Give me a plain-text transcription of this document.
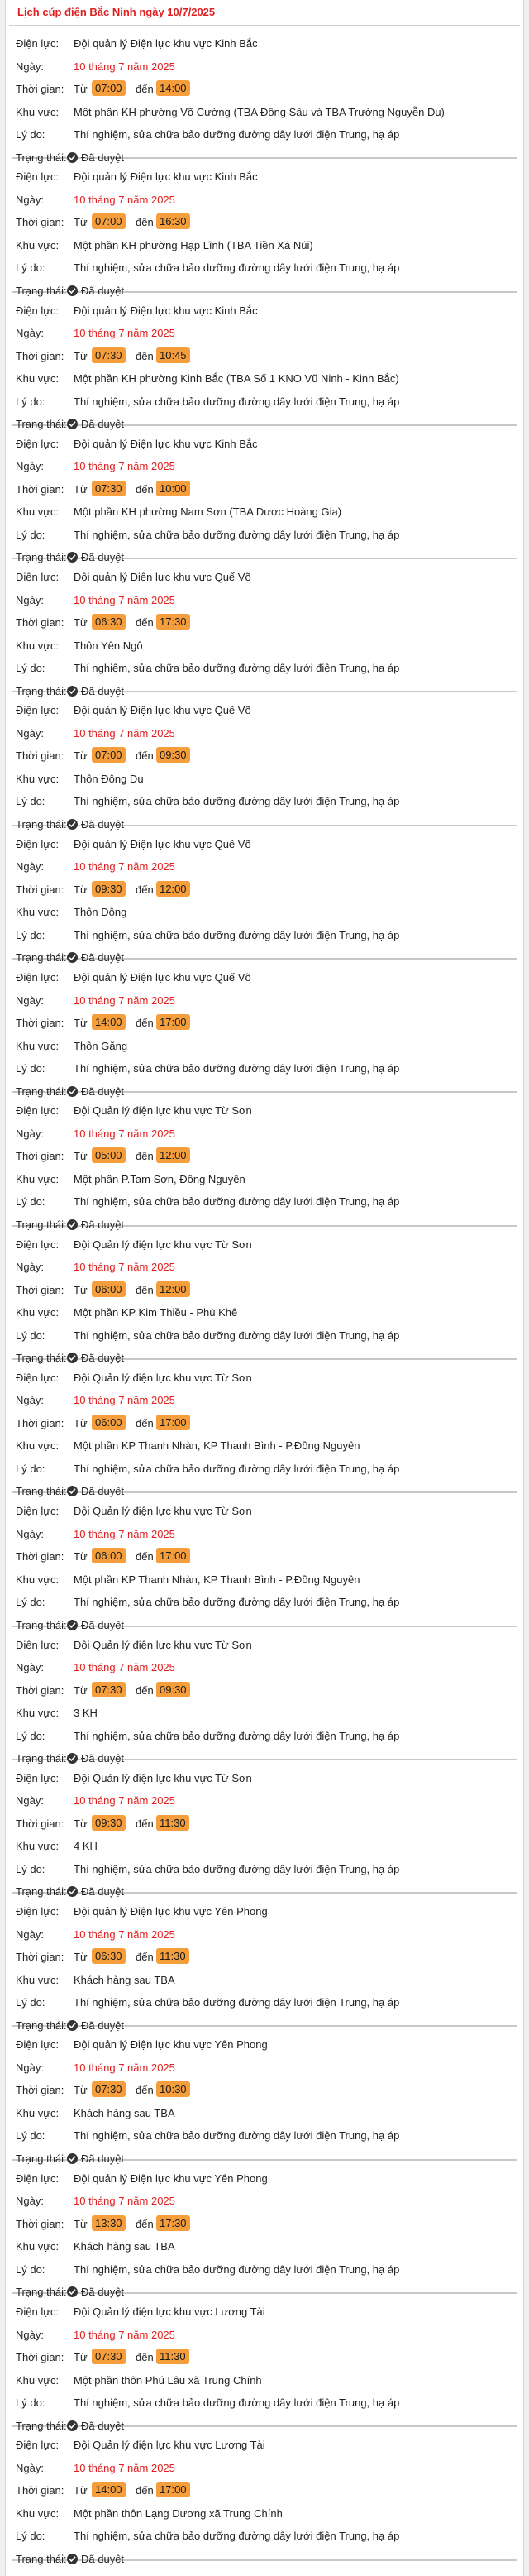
Lịch cúp điện Bắc Ninh ngày 10/7/2025
Điện lực: Đội quản lý Điện lực khu vực Kinh Bắc
Ngày:	10 tháng 7 năm 2025
Thời gian: Từ 07:00	đến 14:00
Khu vực: Một phần KH phường Võ Cường (TBA Đồng Sậu và TBA Trường Nguyễn Du)
Lý do:	Thí nghiệm, sửa chữa bảo dưỡng đường dây lưới điện Trung, hạ áp
Trạng thái: Đã duyệt
Điện lực: Đội quản lý Điện lực khu vực Kinh Bắc
Ngày:	10 tháng 7 năm 2025
Thời gian: Từ 07:00	đến 16:30
Khu vực: Một phần KH phường Hạp Lĩnh (TBA Tiền Xá Núi)
Lý do:	Thí nghiệm, sửa chữa bảo dưỡng đường dây lưới điện Trung, hạ áp
Trạng thái: Đã duyệt
Điện lực: Đội quản lý Điện lực khu vực Kinh Bắc
Ngày:	10 tháng 7 năm 2025
Thời gian: Từ 07:30	đến 10:45
Khu vực: Một phần KH phường Kinh Bắc (TBA Số 1 KNO Vũ Ninh - Kinh Bắc)
Lý do:	Thí nghiệm, sửa chữa bảo dưỡng đường dây lưới điện Trung, hạ áp
Trạng thái: Đã duyệt
Điện lực: Đội quản lý Điện lực khu vực Kinh Bắc
Ngày:	10 tháng 7 năm 2025
Thời gian: Từ 07:30	đến 10:00
Khu vực: Một phần KH phường Nam Sơn (TBA Dược Hoàng Gia)
Lý do:	Thí nghiệm, sửa chữa bảo dưỡng đường dây lưới điện Trung, hạ áp
Trạng thái: Đã duyệt
Điện lực: Đội quản lý Điện lực khu vực Quế Võ
Ngày:	10 tháng 7 năm 2025
Thời gian: Từ 06:30	đến 17:30
Khu vực: Thôn Yên Ngô
Lý do:	Thí nghiệm, sửa chữa bảo dưỡng đường dây lưới điện Trung, hạ áp
Trạng thái: Đã duyệt
Điện lực: Đội quản lý Điện lực khu vực Quế Võ
Ngày:	10 tháng 7 năm 2025
Thời gian: Từ 07:00	đến 09:30
Khu vực: Thôn Đông Du
Lý do:	Thí nghiệm, sửa chữa bảo dưỡng đường dây lưới điện Trung, hạ áp
Trạng thái: Đã duyệt
Điện lực: Đội quản lý Điện lực khu vực Quế Võ
Ngày:	10 tháng 7 năm 2025
Thời gian: Từ 09:30	đến 12:00
Khu vực: Thôn Đông
Lý do:	Thí nghiệm, sửa chữa bảo dưỡng đường dây lưới điện Trung, hạ áp
Trạng thái: Đã duyệt
Điện lực: Đội quản lý Điện lực khu vực Quế Võ
Ngày:	10 tháng 7 năm 2025
Thời gian: Từ 14:00	đến 17:00
Khu vực: Thôn Găng
Lý do:	Thí nghiệm, sửa chữa bảo dưỡng đường dây lưới điện Trung, hạ áp
Trạng thái: Đã duyệt
Điện lực: Đội Quản lý điện lực khu vực Từ Sơn
Ngày:	10 tháng 7 năm 2025
Thời gian: Từ 05:00	đến 12:00
Khu vực: Một phần P.Tam Sơn, Đồng Nguyên
Lý do:	Thí nghiệm, sửa chữa bảo dưỡng đường dây lưới điện Trung, hạ áp
Trạng thái: Đã duyệt
Điện lực: Đội Quản lý điện lực khu vực Từ Sơn
Ngày:	10 tháng 7 năm 2025
Thời gian: Từ 06:00	đến 12:00
Khu vực: Một phần KP Kim Thiều - Phù Khê
Lý do:	Thí nghiệm, sửa chữa bảo dưỡng đường dây lưới điện Trung, hạ áp
Trạng thái: Đã duyệt
Điện lực: Đội Quản lý điện lực khu vực Từ Sơn
Ngày:	10 tháng 7 năm 2025
Thời gian: Từ 06:00	đến 17:00
Khu vực: Một phần KP Thanh Nhàn, KP Thanh Bình - P.Đồng Nguyên
Lý do:	Thí nghiệm, sửa chữa bảo dưỡng đường dây lưới điện Trung, hạ áp
Trạng thái: Đã duyệt
Điện lực: Đội Quản lý điện lực khu vực Từ Sơn
Ngày:	10 tháng 7 năm 2025
Thời gian: Từ 06:00	đến 17:00
Khu vực: Một phần KP Thanh Nhàn, KP Thanh Bình - P.Đồng Nguyên
Lý do:	Thí nghiệm, sửa chữa bảo dưỡng đường dây lưới điện Trung, hạ áp
Trạng thái: Đã duyệt
Điện lực: Đội Quản lý điện lực khu vực Từ Sơn
Ngày:	10 tháng 7 năm 2025
Thời gian: Từ 07:30	đến 09:30
Khu vực: 3 KH
Lý do:	Thí nghiệm, sửa chữa bảo dưỡng đường dây lưới điện Trung, hạ áp
Trạng thái: Đã duyệt
Điện lực: Đội Quản lý điện lực khu vực Từ Sơn
Ngày:	10 tháng 7 năm 2025
Thời gian: Từ 09:30	đến 11:30
Khu vực: 4 KH
Lý do:	Thí nghiệm, sửa chữa bảo dưỡng đường dây lưới điện Trung, hạ áp
Trạng thái: Đã duyệt
Điện lực: Đội quản lý Điện lực khu vực Yên Phong
Ngày:	10 tháng 7 năm 2025
Thời gian: Từ 06:30	đến 11:30
Khu vực: Khách hàng sau TBA
Lý do:	Thí nghiệm, sửa chữa bảo dưỡng đường dây lưới điện Trung, hạ áp
Trạng thái: Đã duyệt
Điện lực: Đội quản lý Điện lực khu vực Yên Phong
Ngày:	10 tháng 7 năm 2025
Thời gian: Từ 07:30	đến 10:30
Khu vực: Khách hàng sau TBA
Lý do:	Thí nghiệm, sửa chữa bảo dưỡng đường dây lưới điện Trung, hạ áp
Trạng thái: Đã duyệt
Điện lực: Đội quản lý Điện lực khu vực Yên Phong
Ngày:	10 tháng 7 năm 2025
Thời gian: Từ 13:30	đến 17:30
Khu vực: Khách hàng sau TBA
Lý do:	Thí nghiệm, sửa chữa bảo dưỡng đường dây lưới điện Trung, hạ áp
Trạng thái: Đã duyệt
Điện lực: Đội Quản lý điện lực khu vực Lương Tài
Ngày:	10 tháng 7 năm 2025
Thời gian: Từ 07:30	đến 11:30
Khu vực: Một phần thôn Phú Lâu xã Trung Chính
Lý do:	Thí nghiệm, sửa chữa bảo dưỡng đường dây lưới điện Trung, hạ áp
Trạng thái: Đã duyệt
Điện lực: Đội Quản lý điện lực khu vực Lương Tài
Ngày:	10 tháng 7 năm 2025
Thời gian: Từ 14:00	đến 17:00
Khu vực: Một phần thôn Lạng Dương xã Trung Chính
Lý do:	Thí nghiệm, sửa chữa bảo dưỡng đường dây lưới điện Trung, hạ áp
Trạng thái: Đã duyệt
